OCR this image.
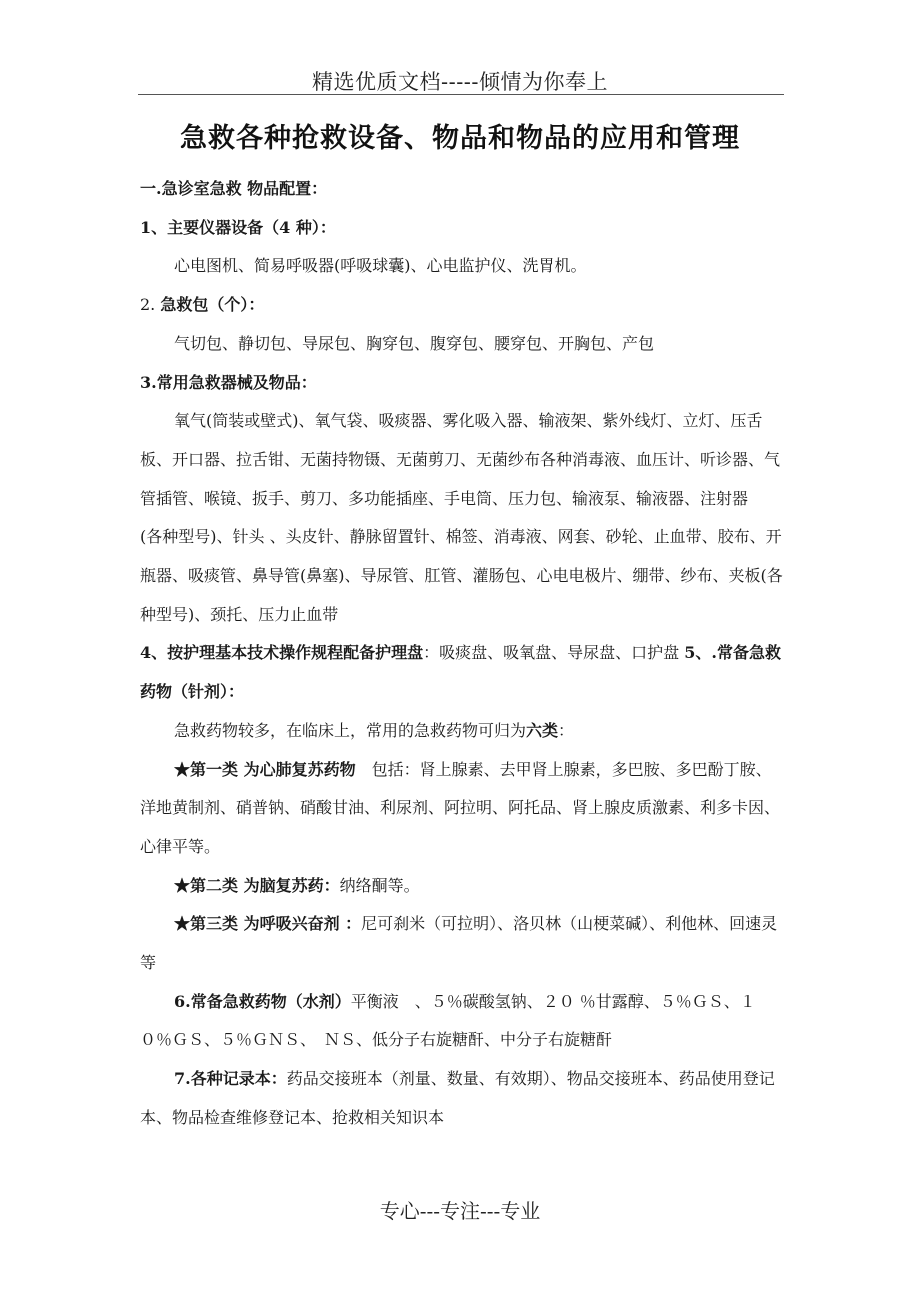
精选优质文档-----倾情为你奉上
急救各种抢救设备、物品和物品的应用和管理

一.急诊室急救 物品配置：

1、主要仪器设备（4 种）：

心电图机、简易呼吸器(呼吸球囊)、心电监护仪、洗胃机。

2. 急救包（个）：

气切包、静切包、导尿包、胸穿包、腹穿包、腰穿包、开胸包、产包

3.常用急救器械及物品：

氧气(筒装或壁式)、氧气袋、吸痰器、雾化吸入器、输液架、紫外线灯、立灯、压舌板、开口器、拉舌钳、无菌持物镊、无菌剪刀、无菌纱布各种消毒液、血压计、听诊器、气管插管、喉镜、扳手、剪刀、多功能插座、手电筒、压力包、输液泵、输液器、注射器　(各种型号)、针头 、头皮针、静脉留置针、棉签、消毒液、网套、砂轮、止血带、胶布、开瓶器、吸痰管、鼻导管(鼻塞)、导尿管、肛管、灌肠包、心电电极片、绷带、纱布、夹板(各种型号)、颈托、压力止血带

4、按护理基本技术操作规程配备护理盘：吸痰盘、吸氧盘、导尿盘、口护盘 5、.常备急救药物（针剂）：

急救药物较多，在临床上，常用的急救药物可归为六类：

★第一类 为心肺复苏药物　包括：肾上腺素、去甲肾上腺素，多巴胺、多巴酚丁胺、洋地黄制剂、硝普钠、硝酸甘油、利尿剂、阿拉明、阿托品、肾上腺皮质激素、利多卡因、心律平等。

★第二类 为脑复苏药：纳络酮等。

★第三类 为呼吸兴奋剂 ：尼可刹米（可拉明）、洛贝林（山梗菜碱）、利他林、回速灵等

6.常备急救药物（水剂）平衡液　、５％碳酸氢钠、２０ ％甘露醇、５％ＧＳ、１０％ＧＳ、５％ＧＮＳ、　ＮＳ、低分子右旋糖酐、中分子右旋糖酐

7.各种记录本：药品交接班本（剂量、数量、有效期）、物品交接班本、药品使用登记本、物品检查维修登记本、抢救相关知识本

专心---专注---专业
